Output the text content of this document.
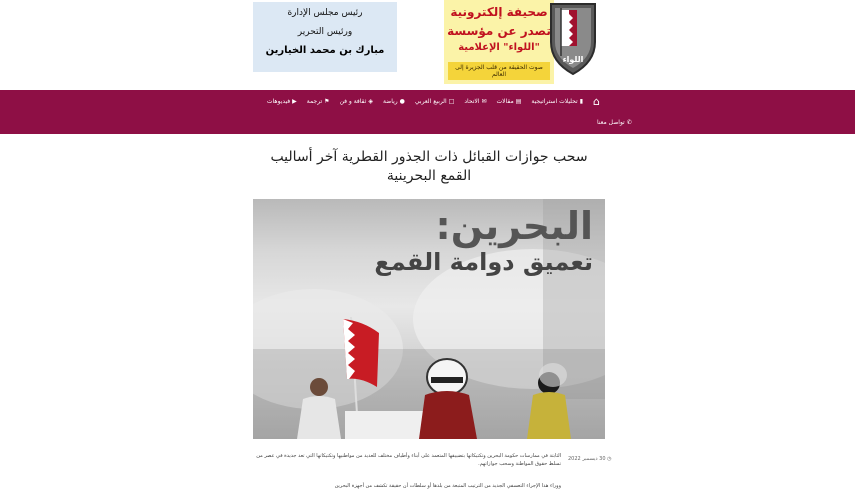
رئيس مجلس الإدارة
ورئيس التحرير
مبارك بن محمد الخيارين
صحيفة إلكترونية
تصدر عن مؤسسة
"اللواء" الإعلامية
صوت الحقيقة من قلب الجزيرة إلى العالم
اللواء
⌂
▮
تحليلات استراتيجية
▤
مقالات
✉
الاتحاد
□
الربيع العربي
●
رياضة
◈
ثقافة و فن
⚑
ترجمة
▶
فيديوهات
✆
تواصل معنا
سحب جوازات القبائل ذات الجذور القطرية آخر أساليب القمع البحرينية
البحرين:
تعميق دوامة القمع
◷ 30 ديسمبر 2022
الثابتة في ممارسات حكومة البحرين وتكتيكاتها بتضييقها المتعمد على أبناء وأطياف مختلف للعديد من مواطنيها وتكتيكاتها التي تعد جديدة في عصر من تسلط حقوق المواطنة وسحب جوازاتهم.
ووراء هذا الإجراء التعسفي الجديد من الترتيب المتبعة من بلدها أو سلطات أن حقيقة تكشف من أجهزة البحرين
